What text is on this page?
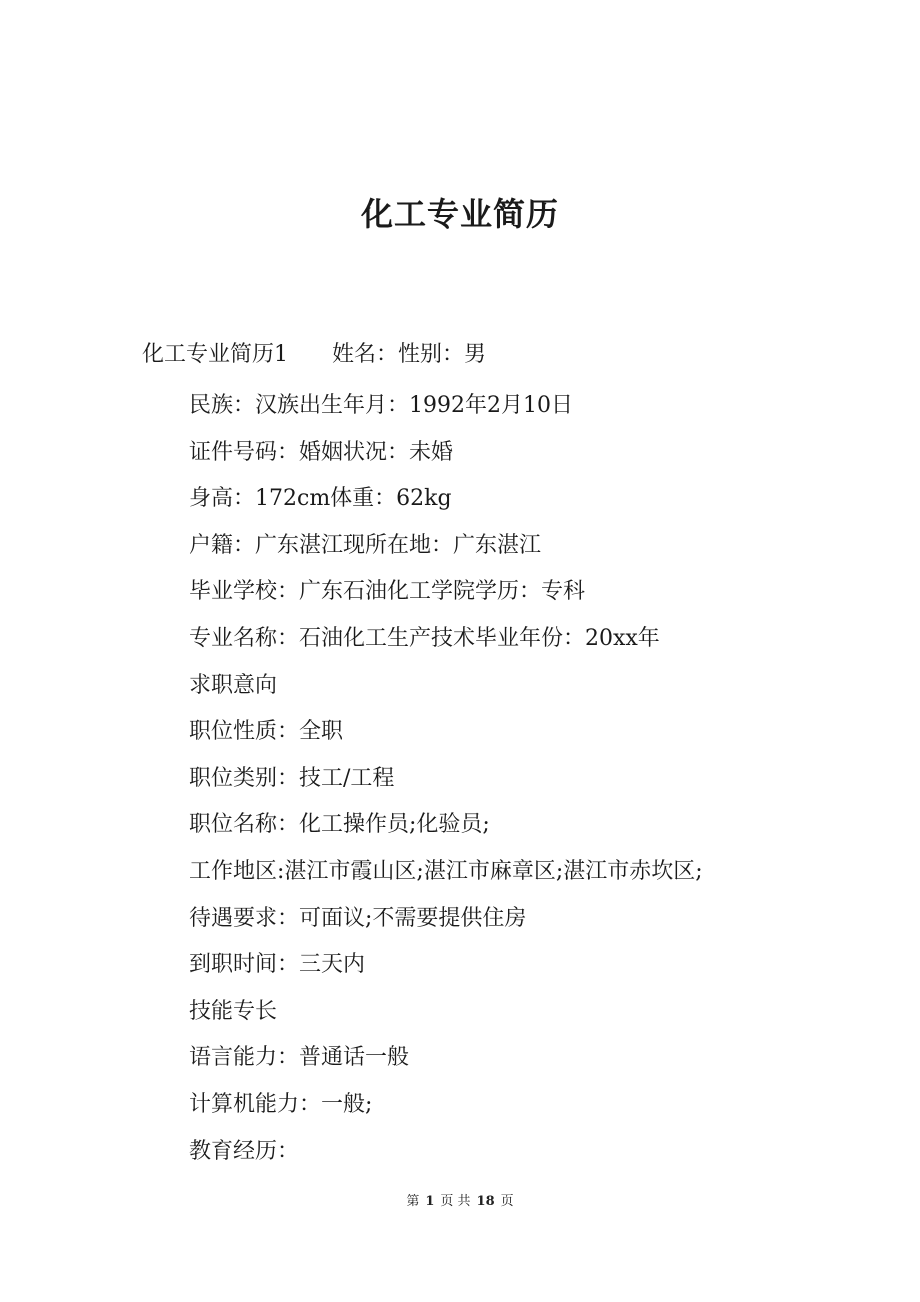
化工专业简历
化工专业简历1 姓名：性别：男
民族：汉族出生年月：1992年2月10日
证件号码：婚姻状况：未婚
身高：172cm体重：62kg
户籍：广东湛江现所在地：广东湛江
毕业学校：广东石油化工学院学历：专科
专业名称：石油化工生产技术毕业年份：20xx年
求职意向
职位性质：全职
职位类别：技工/工程
职位名称：化工操作员;化验员;
工作地区:湛江市霞山区;湛江市麻章区;湛江市赤坎区;
待遇要求：可面议;不需要提供住房
到职时间：三天内
技能专长
语言能力：普通话一般
计算机能力：一般;
教育经历：
第 1 页 共 18 页
